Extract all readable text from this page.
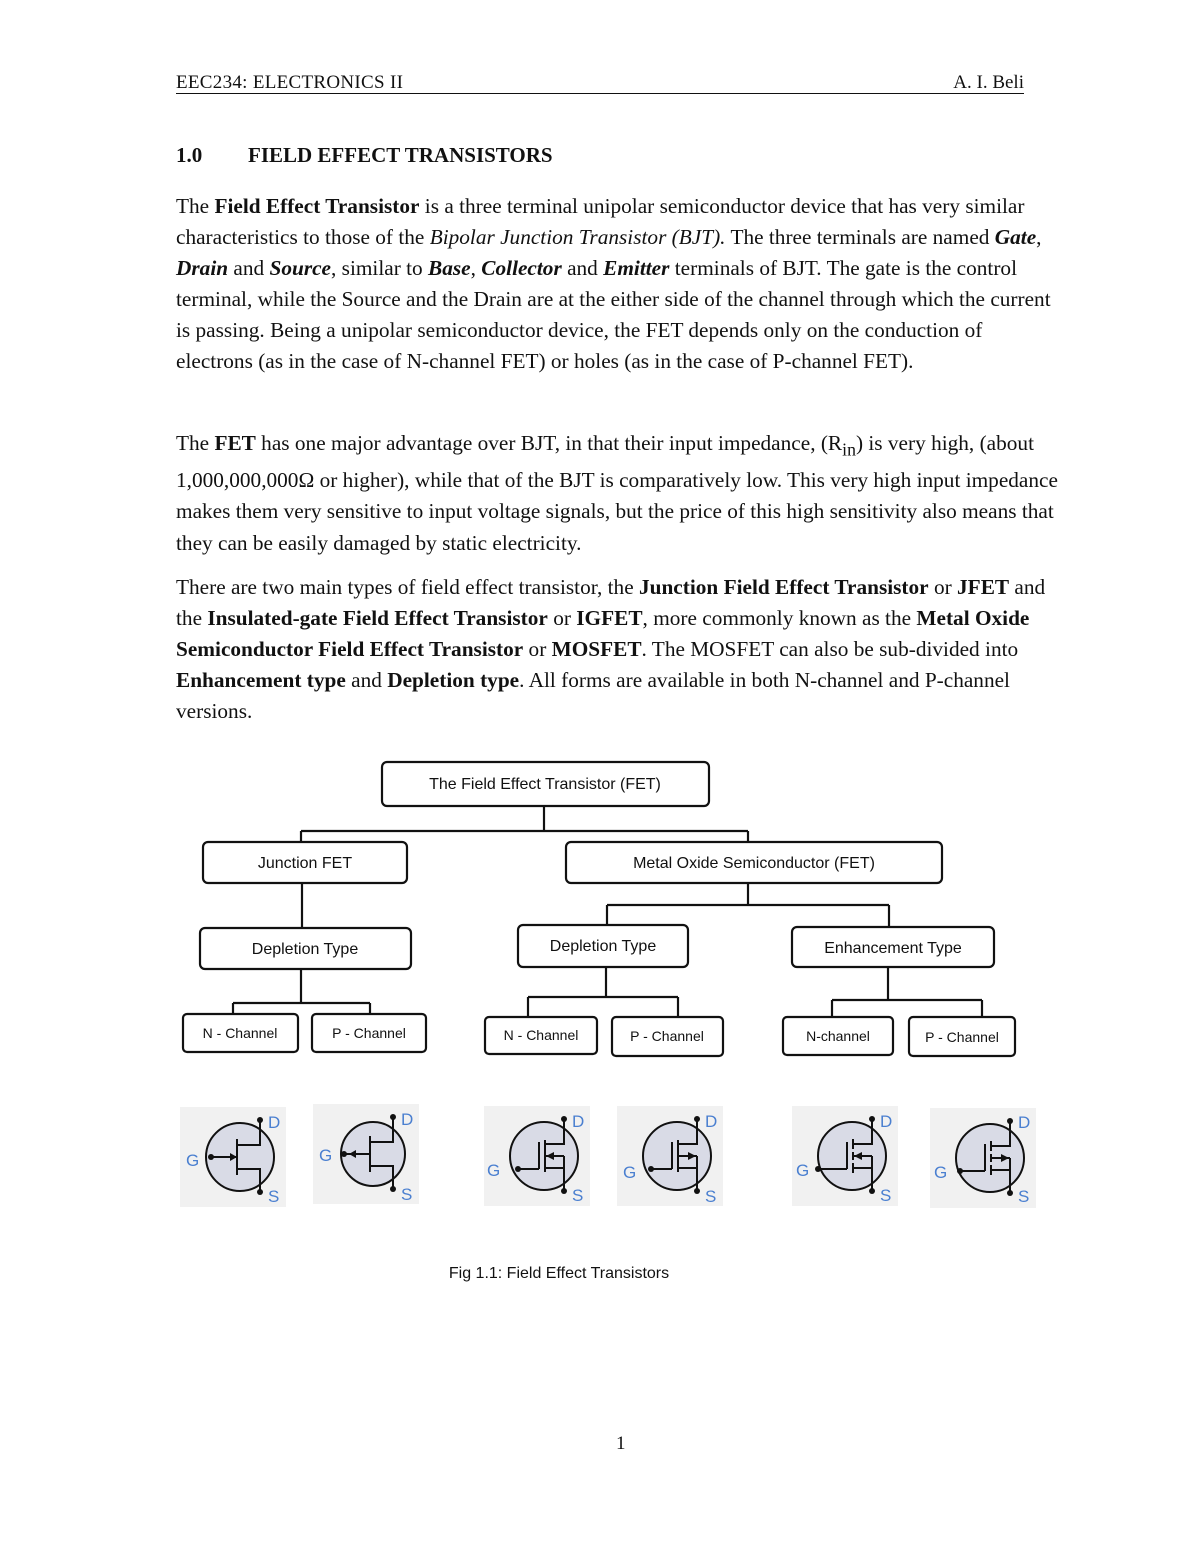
EEC234: ELECTRONICS II	A. I. Beli
1.0 FIELD EFFECT TRANSISTORS

The Field Effect Transistor is a three terminal unipolar semiconductor device that has very similar characteristics to those of the Bipolar Junction Transistor (BJT). The three terminals are named Gate, Drain and Source, similar to Base, Collector and Emitter terminals of BJT. The gate is the control terminal, while the Source and the Drain are at the either side of the channel through which the current is passing. Being a unipolar semiconductor device, the FET depends only on the conduction of electrons (as in the case of N-channel FET) or holes (as in the case of P-channel FET).

The FET has one major advantage over BJT, in that their input impedance, $(R_{in})$ is very high, (about 1,000,000,000Ω or higher), while that of the BJT is comparatively low. This very high input impedance makes them very sensitive to input voltage signals, but the price of this high sensitivity also means that they can be easily damaged by static electricity.

There are two main types of field effect transistor, the Junction Field Effect Transistor or JFET and the Insulated-gate Field Effect Transistor or IGFET, more commonly known as the Metal Oxide Semiconductor Field Effect Transistor or MOSFET. The MOSFET can also be sub-divided into Enhancement type and Depletion type. All forms are available in both N-channel and P-channel versions.

The Field Effect Transistor (FET)
Junction FET	Metal Oxide Semiconductor (FET)
Depletion Type	Depletion Type	Enhancement Type
N - Channel	P - Channel	N - Channel	P - Channel	N-channel	P - Channel
G
D
S
G
D
S
G
D
S
G
D
S
G
D
S
G
D
S
Fig 1.1: Field Effect Transistors
1
